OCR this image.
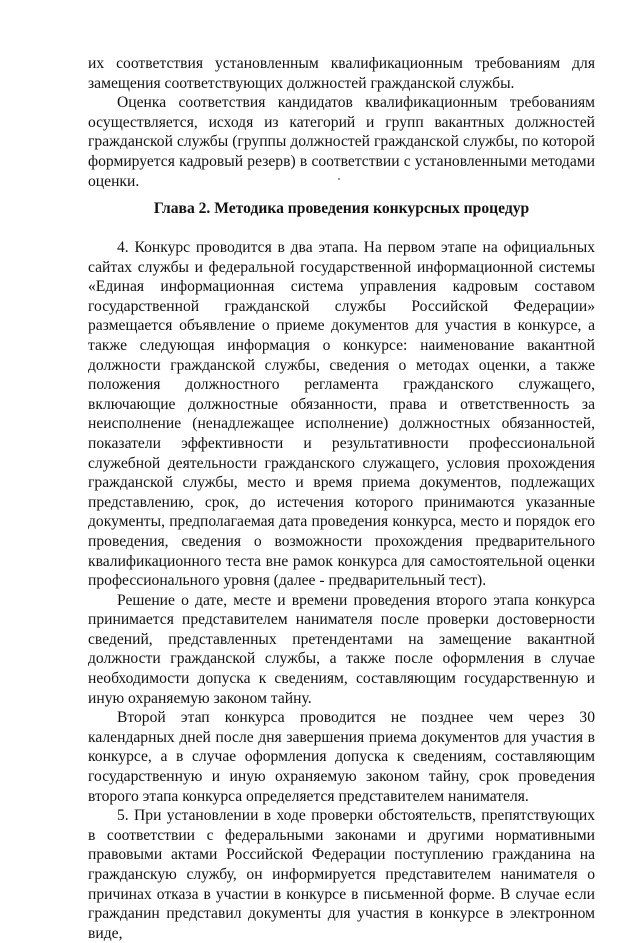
их соответствия установленным квалификационным требованиям для замещения соответствующих должностей гражданской службы.

Оценка соответствия кандидатов квалификационным требованиям осуществляется, исходя из категорий и групп вакантных должностей гражданской службы (группы должностей гражданской службы, по которой формируется кадровый резерв) в соответствии с установленными методами оценки.

Глава 2. Методика проведения конкурсных процедур

4. Конкурс проводится в два этапа. На первом этапе на официальных сайтах службы и федеральной государственной информационной системы «Единая информационная система управления кадровым составом государственной гражданской службы Российской Федерации» размещается объявление о приеме документов для участия в конкурсе, а также следующая информация о конкурсе: наименование вакантной должности гражданской службы, сведения о методах оценки, а также положения должностного регламента гражданского служащего, включающие должностные обязанности, права и ответственность за неисполнение (ненадлежащее исполнение) должностных обязанностей, показатели эффективности и результативности профессиональной служебной деятельности гражданского служащего, условия прохождения гражданской службы, место и время приема документов, подлежащих представлению, срок, до истечения которого принимаются указанные документы, предполагаемая дата проведения конкурса, место и порядок его проведения, сведения о возможности прохождения предварительного квалификационного теста вне рамок конкурса для самостоятельной оценки профессионального уровня (далее - предварительный тест).

Решение о дате, месте и времени проведения второго этапа конкурса принимается представителем нанимателя после проверки достоверности сведений, представленных претендентами на замещение вакантной должности гражданской службы, а также после оформления в случае необходимости допуска к сведениям, составляющим государственную и иную охраняемую законом тайну.

Второй этап конкурса проводится не позднее чем через 30 календарных дней после дня завершения приема документов для участия в конкурсе, а в случае оформления допуска к сведениям, составляющим государственную и иную охраняемую законом тайну, срок проведения второго этапа конкурса определяется представителем нанимателя.

5. При установлении в ходе проверки обстоятельств, препятствующих в соответствии с федеральными законами и другими нормативными правовыми актами Российской Федерации поступлению гражданина на гражданскую службу, он информируется представителем нанимателя о причинах отказа в участии в конкурсе в письменной форме. В случае если гражданин представил документы для участия в конкурсе в электронном виде,
